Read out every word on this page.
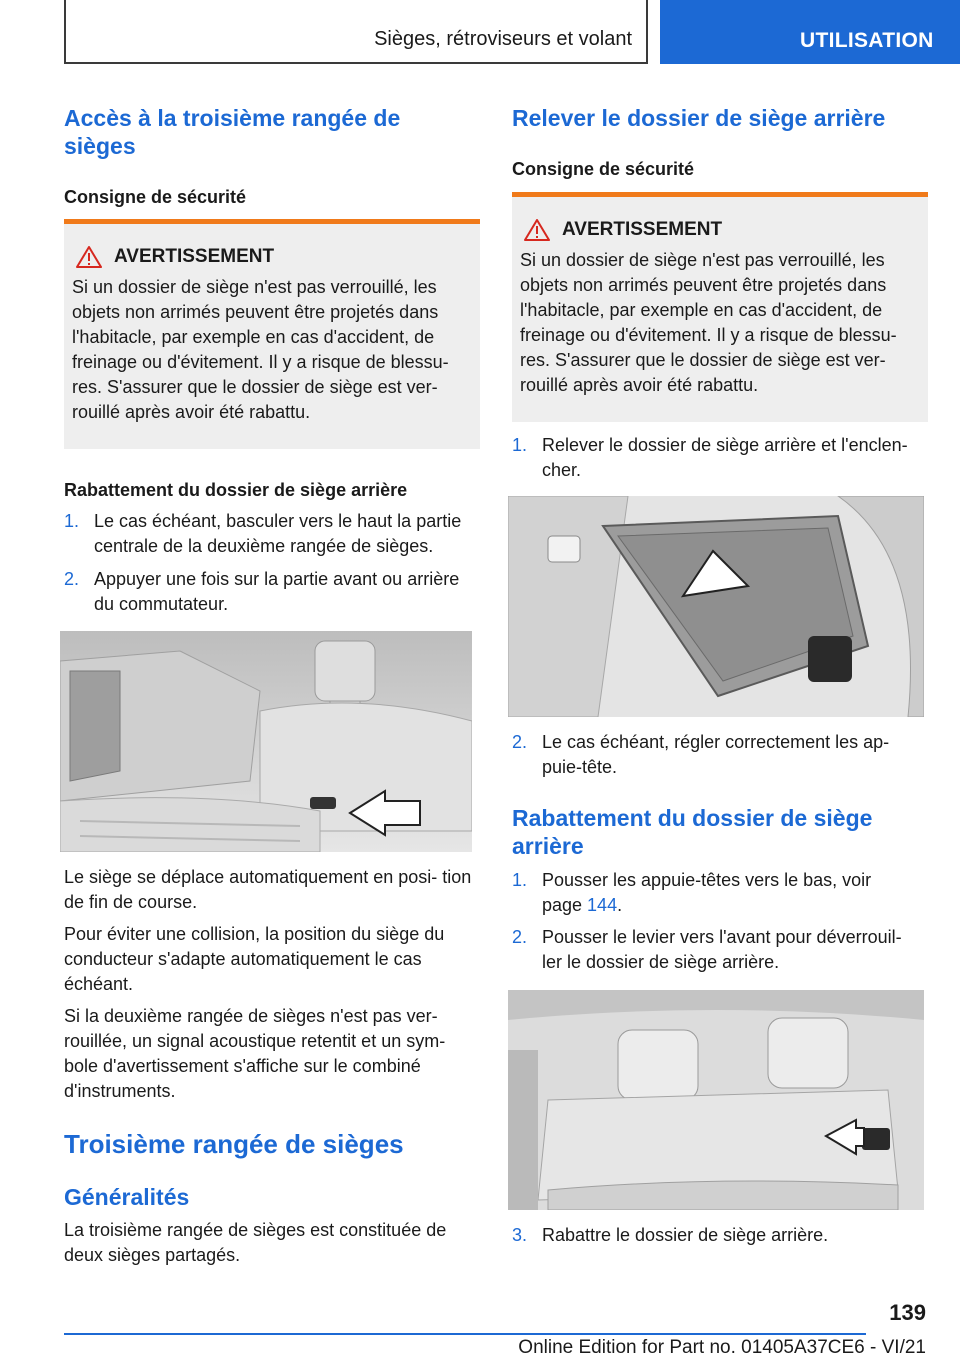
Sièges, rétroviseurs et volant	UTILISATION
Accès à la troisième rangée de sièges
Consigne de sécurité
AVERTISSEMENT
Si un dossier de siège n'est pas verrouillé, les objets non arrimés peuvent être projetés dans l'habitacle, par exemple en cas d'accident, de freinage ou d'évitement. Il y a risque de blessu- res. S'assurer que le dossier de siège est ver- rouillé après avoir été rabattu.
Rabattement du dossier de siège arrière
1. Le cas échéant, basculer vers le haut la partie
centrale de la deuxième rangée de sièges.
2. Appuyer une fois sur la partie avant ou arrière
du commutateur.

Le siège se déplace automatiquement en posi- tion de fin de course.

Pour éviter une collision, la position du siège du conducteur s'adapte automatiquement le cas échéant.

Si la deuxième rangée de sièges n'est pas ver- rouillée, un signal acoustique retentit et un sym- bole d'avertissement s'affiche sur le combiné d'instruments.

Troisième rangée de sièges
Généralités

La troisième rangée de sièges est constituée de deux sièges partagés.

Relever le dossier de siège arrière
Consigne de sécurité
AVERTISSEMENT
Si un dossier de siège n'est pas verrouillé, les objets non arrimés peuvent être projetés dans l'habitacle, par exemple en cas d'accident, de freinage ou d'évitement. Il y a risque de blessu- res. S'assurer que le dossier de siège est ver- rouillé après avoir été rabattu.
1. Relever le dossier de siège arrière et l'enclen-
cher.
2. Le cas échéant, régler correctement les ap-
puie-tête.
Rabattement du dossier de siège arrière
1. Pousser les appuie-têtes vers le bas, voir
page 144.
2. Pousser le levier vers l'avant pour déverrouil-
ler le dossier de siège arrière.
3. Rabattre le dossier de siège arrière.
139
Online Edition for Part no. 01405A37CE6 - VI/21
